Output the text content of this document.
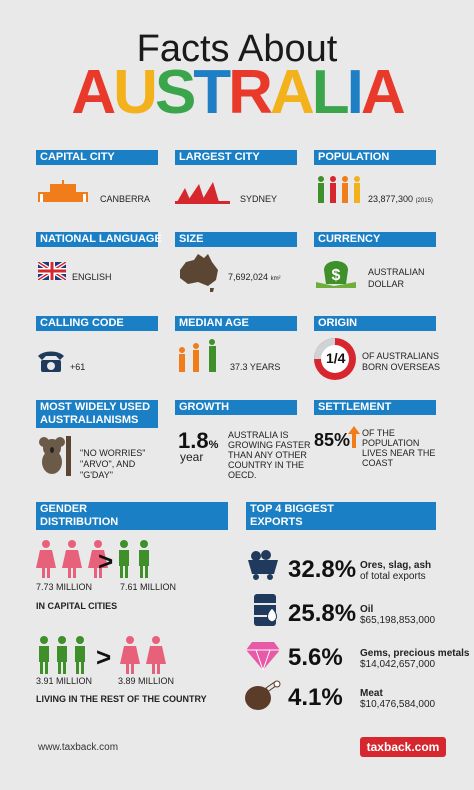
Facts About
AUSTRALIA
CAPITAL CITY
CANBERRA
LARGEST CITY
SYDNEY
POPULATION
23,877,300 (2015)
NATIONAL LANGUAGE
ENGLISH
SIZE
7,692,024 km²
CURRENCY
$	AUSTRALIAN
DOLLAR
CALLING CODE
+61
MEDIAN AGE
37.3 YEARS
ORIGIN
1/4 OF AUSTRALIANS
BORN OVERSEAS
MOST WIDELY USED
AUSTRALIANISMS
"NO WORRIES"
"ARVO", AND
"G'DAY"
GROWTH
1.8%
year
AUSTRALIA IS
GROWING FASTER
THAN ANY OTHER
COUNTRY IN THE
OECD.
SETTLEMENT
85% OF THE
POPULATION
LIVES NEAR THE
COAST
GENDER
DISTRIBUTION
>
7.73 MILLION	7.61 MILLION
IN CAPITAL CITIES
>
3.91 MILLION	3.89 MILLION
LIVING IN THE REST OF THE COUNTRY
TOP 4 BIGGEST
EXPORTS
32.8% Ores, slag, ash
of total exports
25.8% Oil
$65,198,853,000
5.6% Gems, precious metals
$14,042,657,000
4.1% Meat
$10,476,584,000
www.taxback.com	taxback.com
